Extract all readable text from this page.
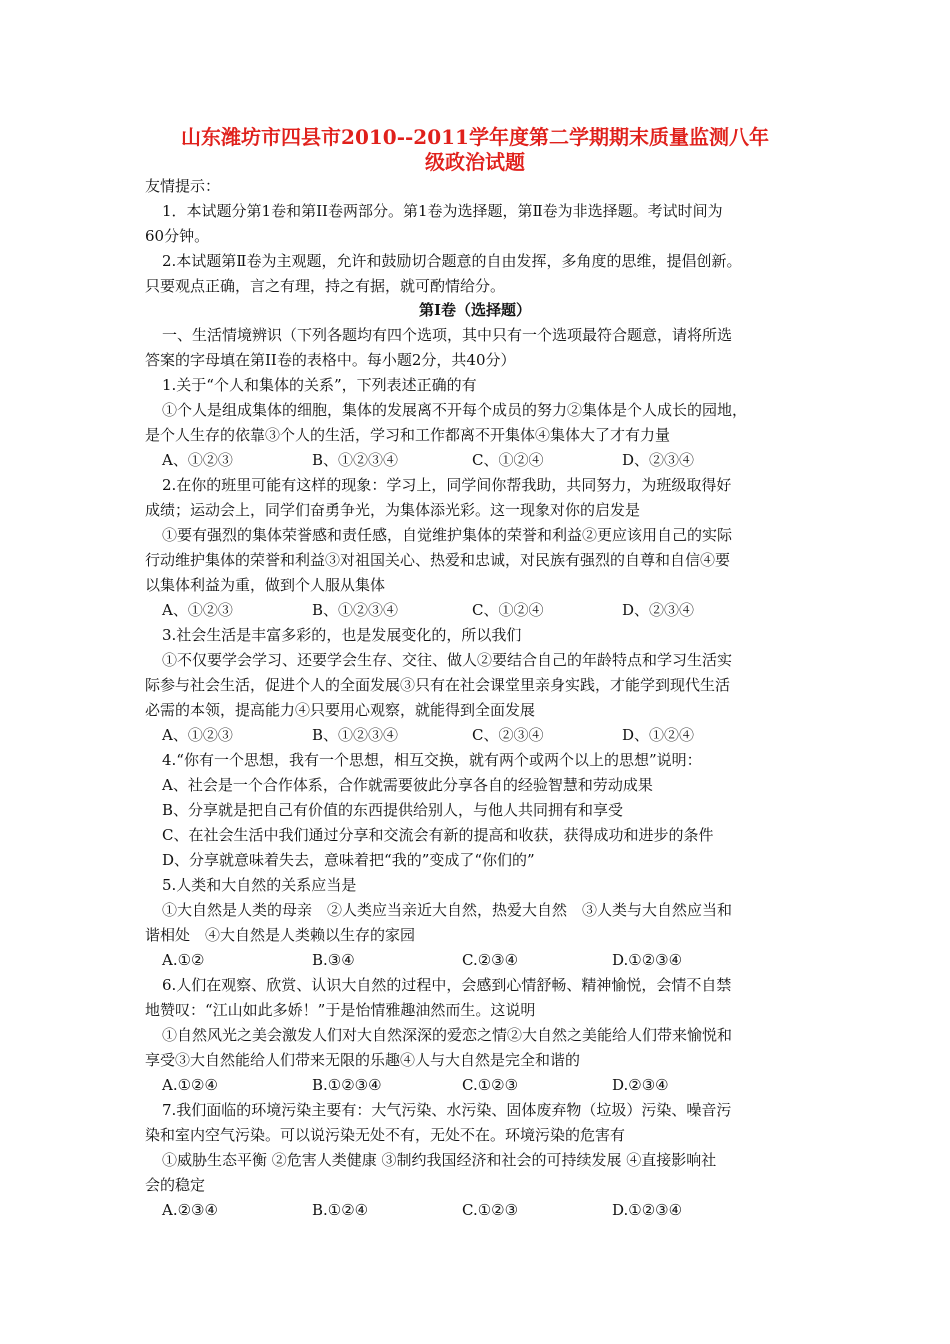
山东潍坊市四县市2010--2011学年度第二学期期末质量监测八年
级政治试题
友情提示：
1．本试题分第1卷和第II卷两部分。第1卷为选择题，第Ⅱ卷为非选择题。考试时间为
60分钟。
2.本试题第Ⅱ卷为主观题，允许和鼓励切合题意的自由发挥，多角度的思维，提倡创新。
只要观点正确，言之有理，持之有据，就可酌情给分。
第Ⅰ卷（选择题）
一、生活情境辨识（下列各题均有四个选项，其中只有一个选项最符合题意，请将所选
答案的字母填在第II卷的表格中。每小题2分，共40分）
1.关于“个人和集体的关系”，下列表述正确的有
①个人是组成集体的细胞，集体的发展离不开每个成员的努力②集体是个人成长的园地，
是个人生存的依靠③个人的生活，学习和工作都离不开集体④集体大了才有力量
A、①②③	B、①②③④	C、①②④	D、②③④
2.在你的班里可能有这样的现象：学习上，同学间你帮我助，共同努力，为班级取得好
成绩；运动会上，同学们奋勇争光，为集体添光彩。这一现象对你的启发是
①要有强烈的集体荣誉感和责任感，自觉维护集体的荣誉和利益②更应该用自己的实际
行动维护集体的荣誉和利益③对祖国关心、热爱和忠诚，对民族有强烈的自尊和自信④要
以集体利益为重，做到个人服从集体
A、①②③	B、①②③④	C、①②④	D、②③④
3.社会生活是丰富多彩的，也是发展变化的，所以我们
①不仅要学会学习、还要学会生存、交往、做人②要结合自己的年龄特点和学习生活实
际参与社会生活，促进个人的全面发展③只有在社会课堂里亲身实践，才能学到现代生活
必需的本领，提高能力④只要用心观察，就能得到全面发展
A、①②③	B、①②③④	C、②③④	D、①②④
4.“你有一个思想，我有一个思想，相互交换，就有两个或两个以上的思想”说明：
A、社会是一个合作体系，合作就需要彼此分享各自的经验智慧和劳动成果
B、分享就是把自己有价值的东西提供给别人，与他人共同拥有和享受
C、在社会生活中我们通过分享和交流会有新的提高和收获，获得成功和进步的条件
D、分享就意味着失去，意味着把“我的”变成了“你们的”
5.人类和大自然的关系应当是
①大自然是人类的母亲　②人类应当亲近大自然，热爱大自然　③人类与大自然应当和
谐相处　④大自然是人类赖以生存的家园
A.①②	B.③④	C.②③④	D.①②③④
6.人们在观察、欣赏、认识大自然的过程中，会感到心情舒畅、精神愉悦，会情不自禁
地赞叹：“江山如此多娇！”于是怡情雅趣油然而生。这说明
①自然风光之美会激发人们对大自然深深的爱恋之情②大自然之美能给人们带来愉悦和
享受③大自然能给人们带来无限的乐趣④人与大自然是完全和谐的
A.①②④	B.①②③④	C.①②③	D.②③④
7.我们面临的环境污染主要有：大气污染、水污染、固体废弃物（垃圾）污染、噪音污
染和室内空气污染。可以说污染无处不有，无处不在。环境污染的危害有
①威胁生态平衡 ②危害人类健康 ③制约我国经济和社会的可持续发展 ④直接影响社
会的稳定
A.②③④	B.①②④	C.①②③	D.①②③④
